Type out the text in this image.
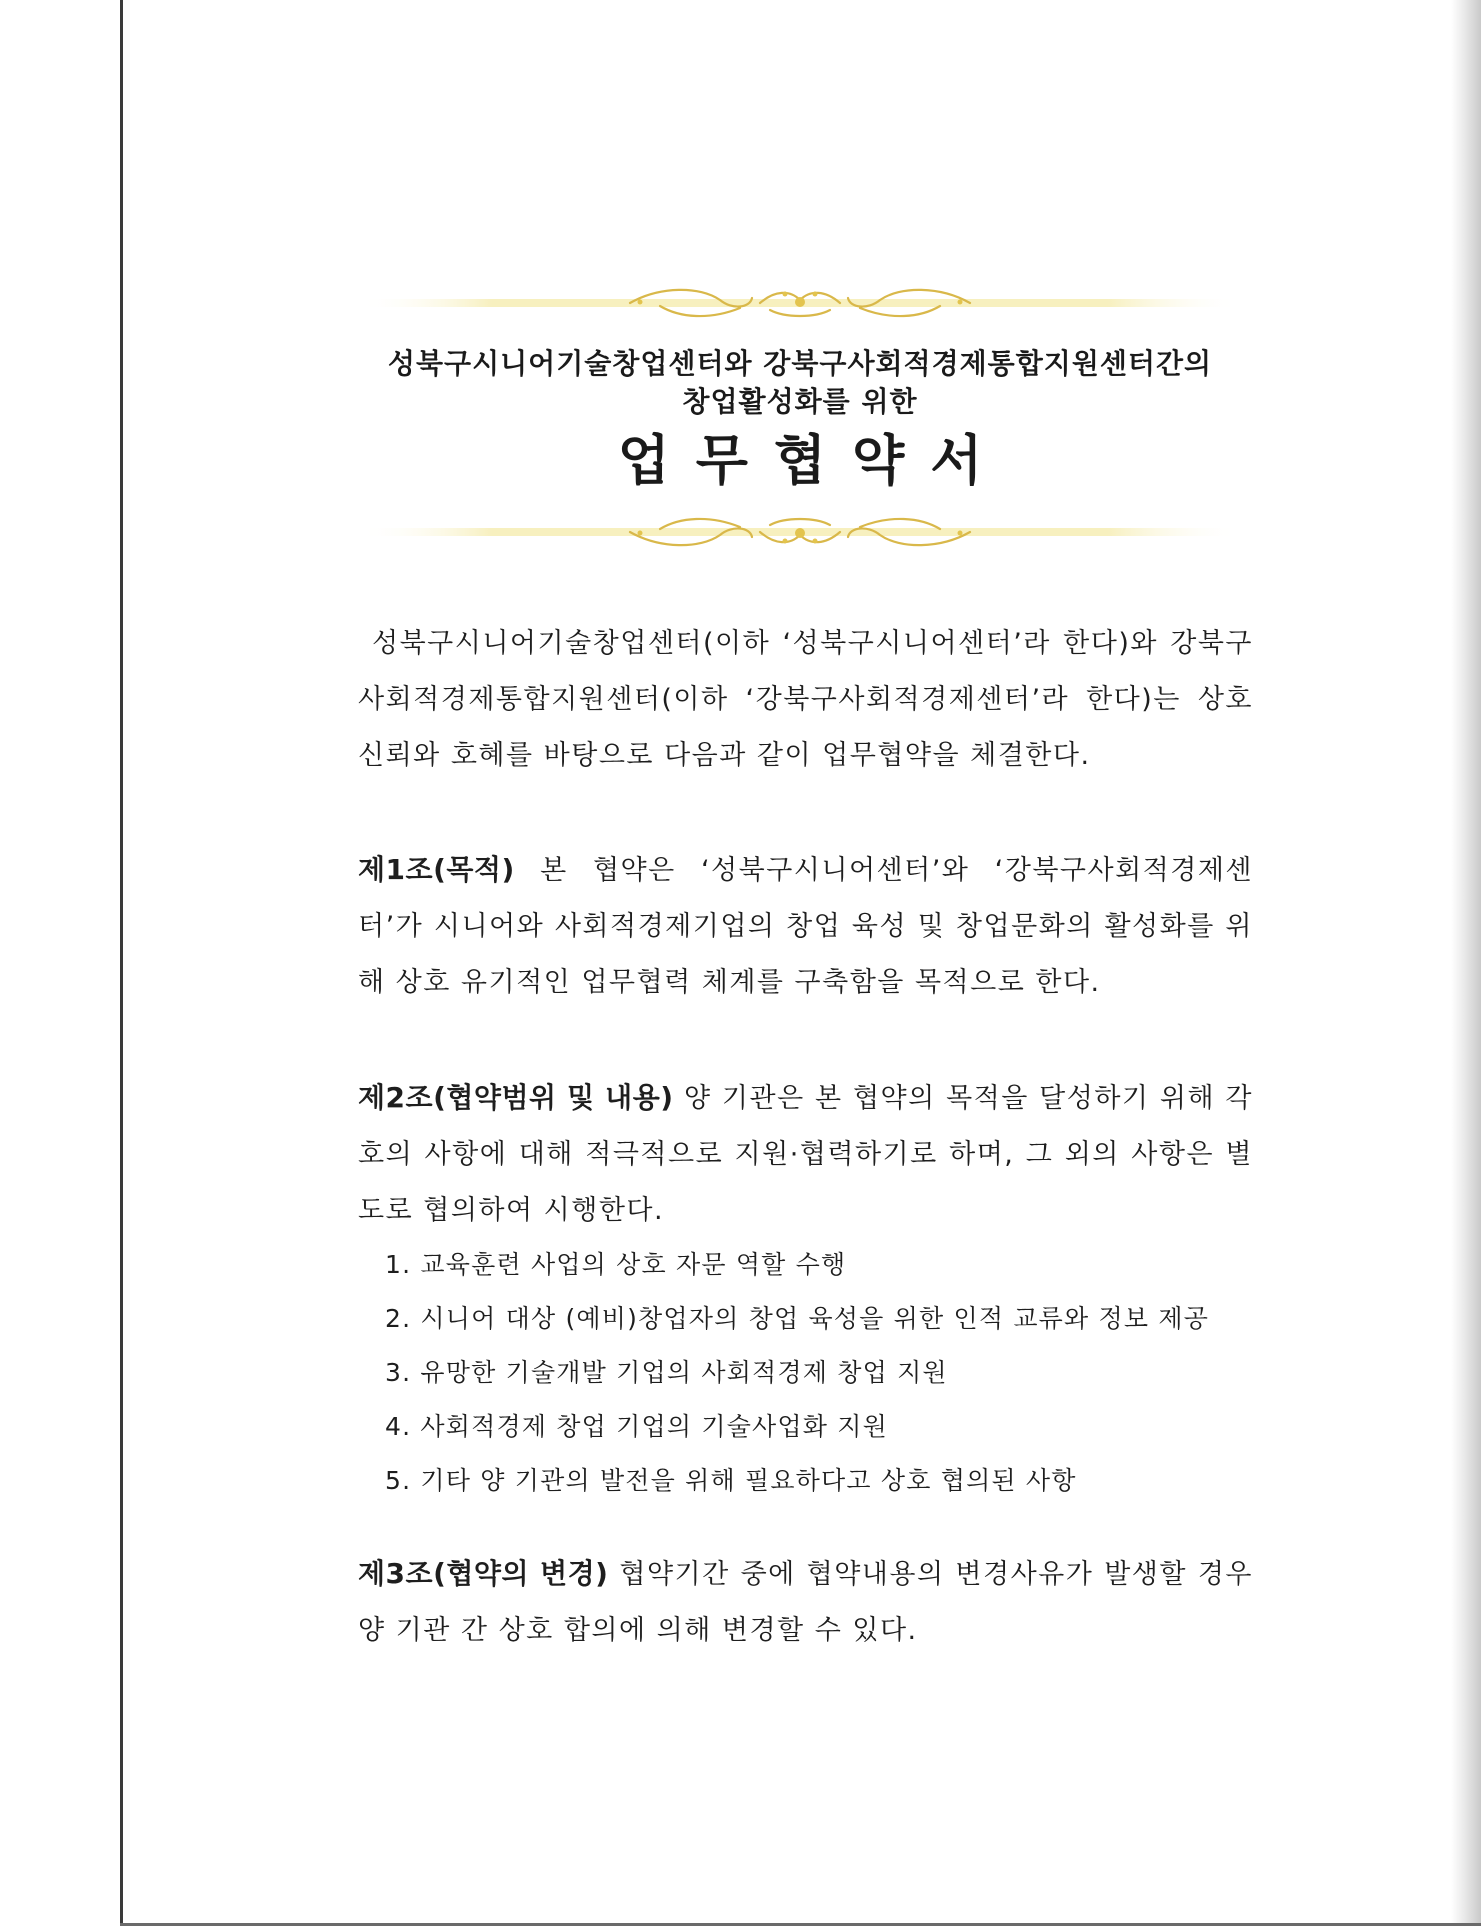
성북구시니어기술창업센터와 강북구사회적경제통합지원센터간의
창업활성화를 위한
업무협약서
성북구시니어기술창업센터(이하 ‘성북구시니어센터’라 한다)와 강북구사회적경제통합지원센터(이하 ‘강북구사회적경제센터’라 한다)는 상호 신뢰와 호혜를 바탕으로 다음과 같이 업무협약을 체결한다.
제1조(목적) 본 협약은 ‘성북구시니어센터’와 ‘강북구사회적경제센터’가 시니어와 사회적경제기업의 창업 육성 및 창업문화의 활성화를 위해 상호 유기적인 업무협력 체계를 구축함을 목적으로 한다.
제2조(협약범위 및 내용) 양 기관은 본 협약의 목적을 달성하기 위해 각 호의 사항에 대해 적극적으로 지원·협력하기로 하며, 그 외의 사항은 별도로 협의하여 시행한다.
1. 교육훈련 사업의 상호 자문 역할 수행
2. 시니어 대상 (예비)창업자의 창업 육성을 위한 인적 교류와 정보 제공
3. 유망한 기술개발 기업의 사회적경제 창업 지원
4. 사회적경제 창업 기업의 기술사업화 지원
5. 기타 양 기관의 발전을 위해 필요하다고 상호 협의된 사항
제3조(협약의 변경) 협약기간 중에 협약내용의 변경사유가 발생할 경우 양 기관 간 상호 합의에 의해 변경할 수 있다.
